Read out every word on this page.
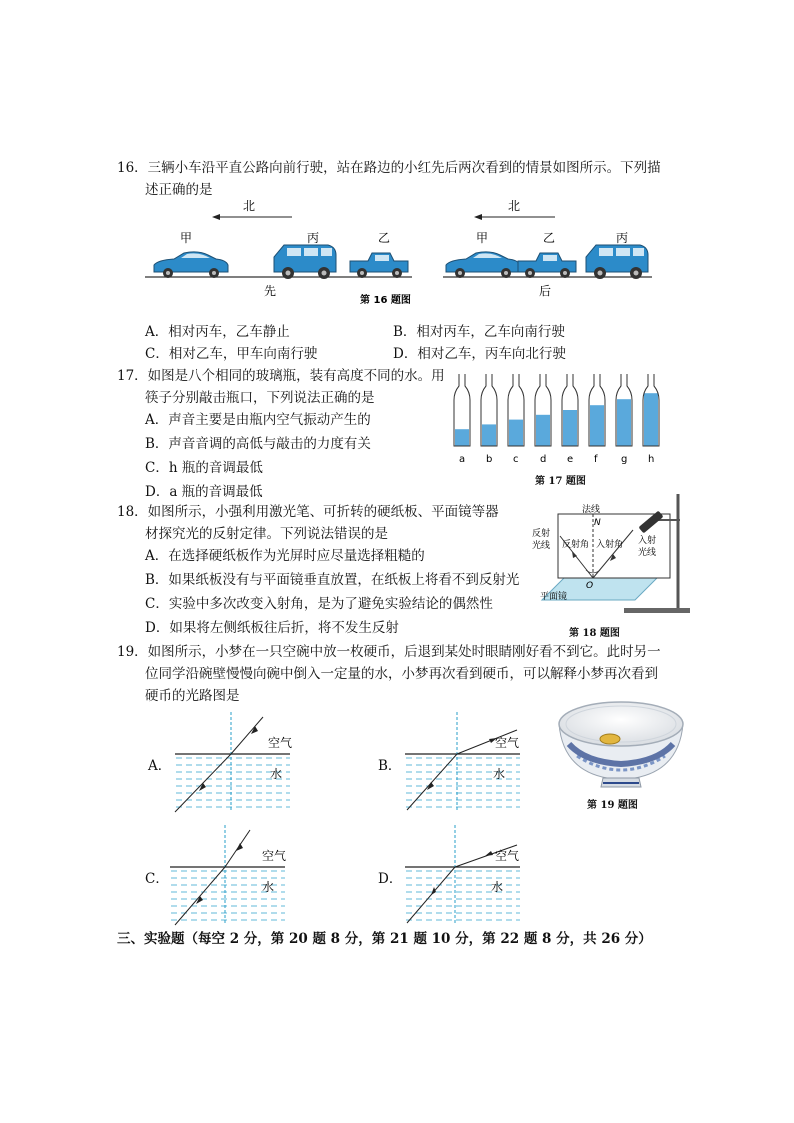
16．三辆小车沿平直公路向前行驶，站在路边的小红先后两次看到的情景如图所示。下列描
述正确的是
北	北
甲	丙	乙	甲	乙	丙
先	后
第 16 题图
A．相对丙车，乙车静止	B．相对丙车，乙车向南行驶
C．相对乙车，甲车向南行驶	D．相对乙车，丙车向北行驶
17．如图是八个相同的玻璃瓶，装有高度不同的水。用
筷子分别敲击瓶口，下列说法正确的是
A．声音主要是由瓶内空气振动产生的
B．声音音调的高低与敲击的力度有关
C．h 瓶的音调最低
D．a 瓶的音调最低
a b c d e f g h
第 17 题图
18．如图所示，小强利用激光笔、可折转的硬纸板、平面镜等器
材探究光的反射定律。下列说法错误的是
A．在选择硬纸板作为光屏时应尽量选择粗糙的
B．如果纸板没有与平面镜垂直放置，在纸板上将看不到反射光
C．实验中多次改变入射角，是为了避免实验结论的偶然性
D．如果将左侧纸板往后折，将不发生反射
法线
N
反射
光线 反射角 入射角 入射
光线
O
平面镜
第 18 题图
19．如图所示，小梦在一只空碗中放一枚硬币，后退到某处时眼睛刚好看不到它。此时另一
位同学沿碗壁慢慢向碗中倒入一定量的水，小梦再次看到硬币，可以解释小梦再次看到
硬币的光路图是
A．
空气
水	B．
空气
水
C．
空气
水	D．
空气
水
第 19 题图
三、实验题（每空 2 分，第 20 题 8 分，第 21 题 10 分，第 22 题 8 分，共 26 分）
